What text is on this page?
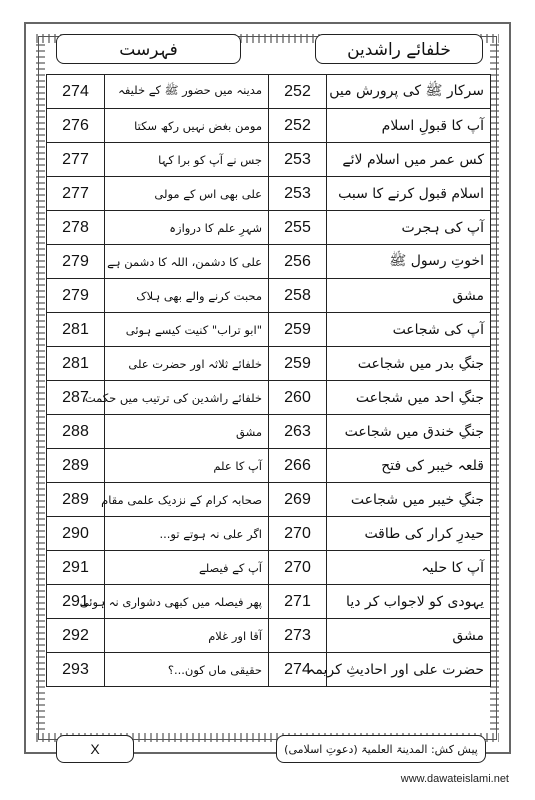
فہرست	خلفائے راشدین
274	مدینہ میں حضور ﷺ کے خلیفہ	252	سرکار ﷺ کی پرورش میں
276	مومن بغض نہیں رکھ سکتا	252	آپ کا قبولِ اسلام
277	جس نے آپ کو برا کہا	253	کس عمر میں اسلام لائے
277	علی بھی اس کے مولی	253	اسلام قبول کرنے کا سبب
278	شہرِ علم کا دروازہ	255	آپ کی ہجرت
279	علی کا دشمن، اللہ کا دشمن ہے	256	اخوتِ رسول ﷺ
279	محبت کرنے والے بھی ہلاک	258	مشق
281	"ابو تراب" کنیت کیسے ہوئی	259	آپ کی شجاعت
281	خلفائے ثلاثہ اور حضرت علی	259	جنگِ بدر میں شجاعت
287	خلفائے راشدین کی ترتیب میں حکمت	260	جنگِ احد میں شجاعت
288	مشق	263	جنگِ خندق میں شجاعت
289	آپ کا علم	266	قلعہ خیبر کی فتح
289	صحابہ کرام کے نزدیک علمی مقام	269	جنگِ خیبر میں شجاعت
290	اگر علی نہ ہوتے تو...	270	حیدرِ کرار کی طاقت
291	آپ کے فیصلے	270	آپ کا حلیہ
291	پھر فیصلہ میں کبھی دشواری نہ ہوئی	271	یہودی کو لاجواب کر دیا
292	آقا اور غلام	273	مشق
293	حقیقی ماں کون...؟	274	حضرت علی اور احادیثِ کریمہ
X	پیش کش: المدینۃ العلمیۃ (دعوتِ اسلامی)
www.dawateislami.net
